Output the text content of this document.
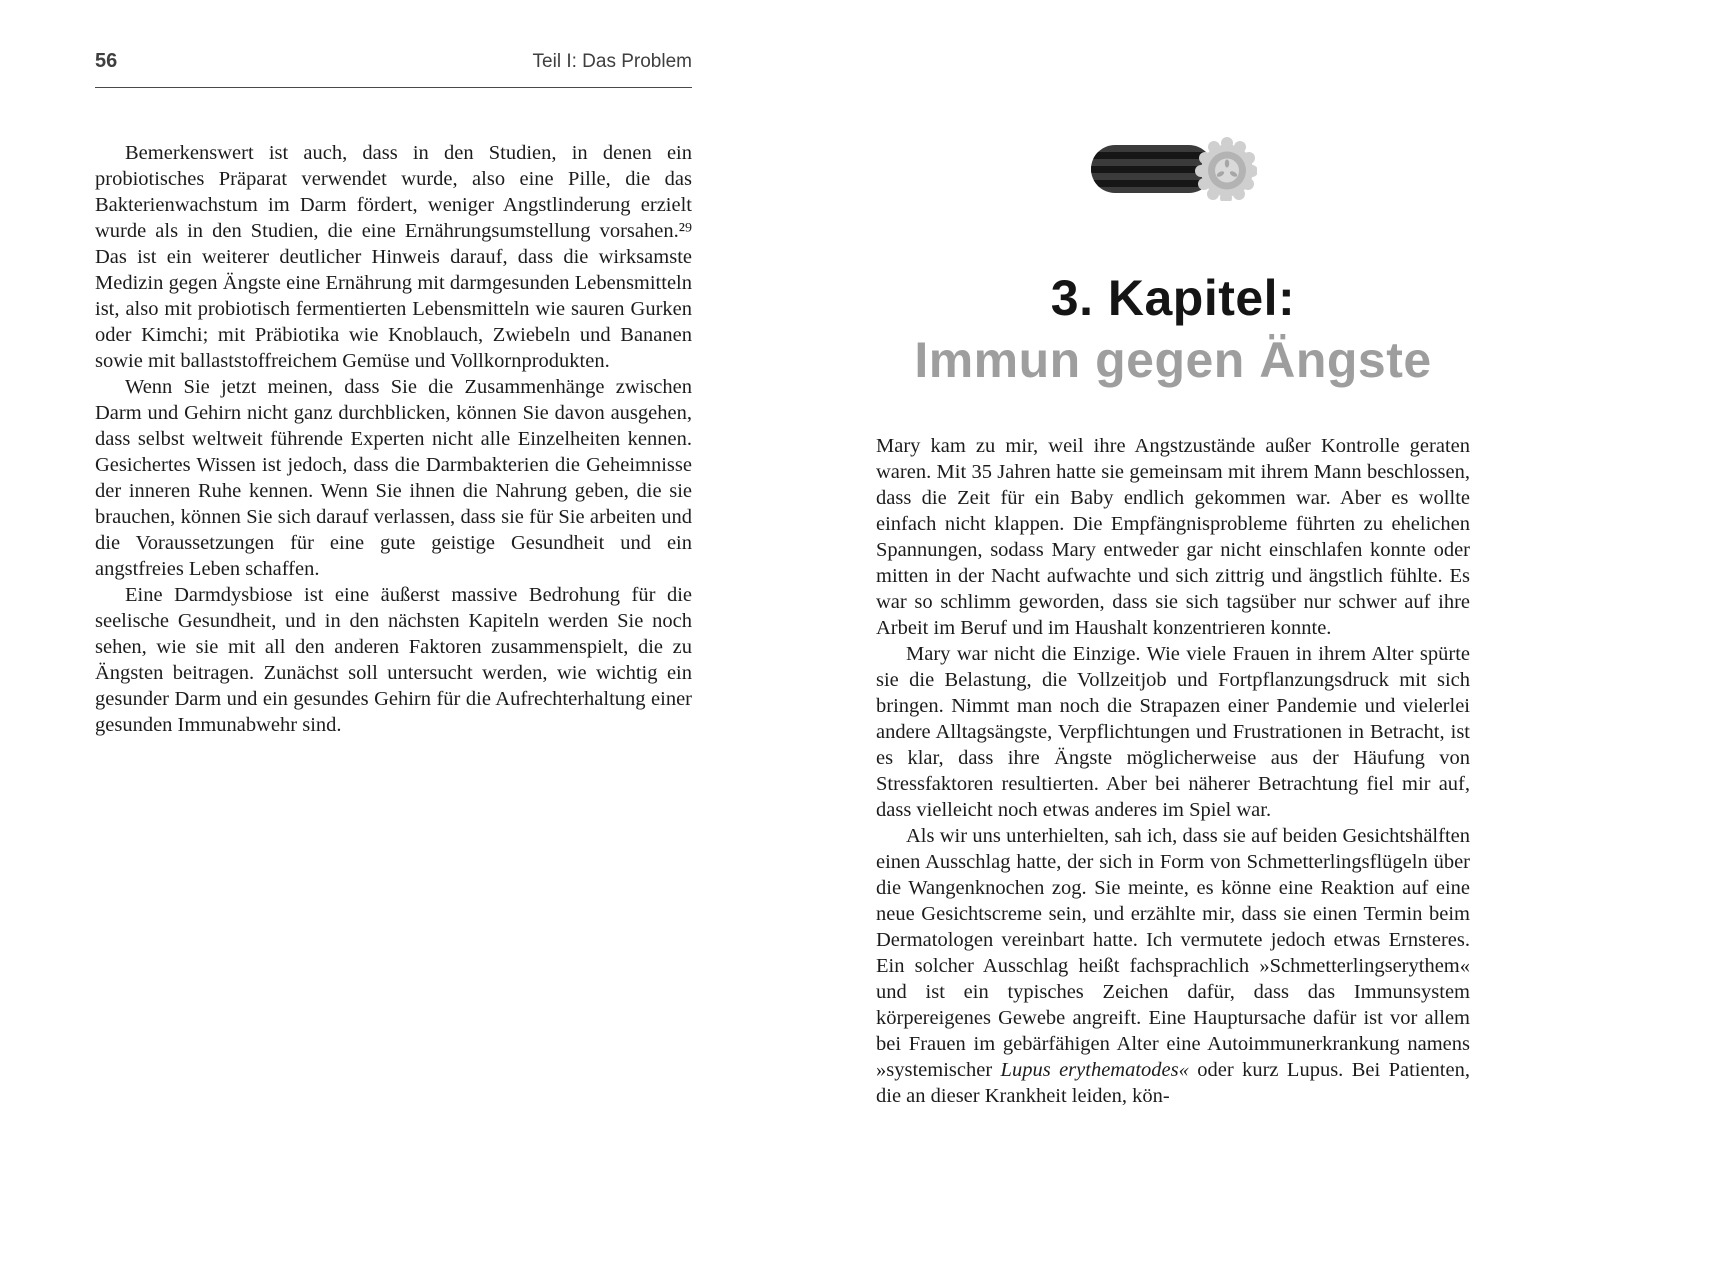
56	Teil I: Das Problem

Bemerkenswert ist auch, dass in den Studien, in denen ein probiotisches Präparat verwendet wurde, also eine Pille, die das Bakterienwachstum im Darm fördert, weniger Angstlinderung erzielt wurde als in den Studien, die eine Ernährungsumstellung vorsahen.²⁹ Das ist ein weiterer deutlicher Hinweis darauf, dass die wirksamste Medizin gegen Ängste eine Ernährung mit darmgesunden Lebensmitteln ist, also mit probiotisch fermentierten Lebensmitteln wie sauren Gurken oder Kimchi; mit Präbiotika wie Knoblauch, Zwiebeln und Bananen sowie mit ballaststoffreichem Gemüse und Vollkornprodukten.

Wenn Sie jetzt meinen, dass Sie die Zusammenhänge zwischen Darm und Gehirn nicht ganz durchblicken, können Sie davon ausgehen, dass selbst weltweit führende Experten nicht alle Einzelheiten kennen. Gesichertes Wissen ist jedoch, dass die Darmbakterien die Geheimnisse der inneren Ruhe kennen. Wenn Sie ihnen die Nahrung geben, die sie brauchen, können Sie sich darauf verlassen, dass sie für Sie arbeiten und die Voraussetzungen für eine gute geistige Gesundheit und ein angstfreies Leben schaffen.

Eine Darmdysbiose ist eine äußerst massive Bedrohung für die seelische Gesundheit, und in den nächsten Kapiteln werden Sie noch sehen, wie sie mit all den anderen Faktoren zusammenspielt, die zu Ängsten beitragen. Zunächst soll untersucht werden, wie wichtig ein gesunder Darm und ein gesundes Gehirn für die Aufrechterhaltung einer gesunden Immunabwehr sind.

3. Kapitel:
Immun gegen Ängste

Mary kam zu mir, weil ihre Angstzustände außer Kontrolle geraten waren. Mit 35 Jahren hatte sie gemeinsam mit ihrem Mann beschlossen, dass die Zeit für ein Baby endlich gekommen war. Aber es wollte einfach nicht klappen. Die Empfängnisprobleme führten zu ehelichen Spannungen, sodass Mary entweder gar nicht einschlafen konnte oder mitten in der Nacht aufwachte und sich zittrig und ängstlich fühlte. Es war so schlimm geworden, dass sie sich tagsüber nur schwer auf ihre Arbeit im Beruf und im Haushalt konzentrieren konnte.

Mary war nicht die Einzige. Wie viele Frauen in ihrem Alter spürte sie die Belastung, die Vollzeitjob und Fortpflanzungsdruck mit sich bringen. Nimmt man noch die Strapazen einer Pandemie und vielerlei andere Alltagsängste, Verpflichtungen und Frustrationen in Betracht, ist es klar, dass ihre Ängste möglicherweise aus der Häufung von Stressfaktoren resultierten. Aber bei näherer Betrachtung fiel mir auf, dass vielleicht noch etwas anderes im Spiel war.

Als wir uns unterhielten, sah ich, dass sie auf beiden Gesichtshälften einen Ausschlag hatte, der sich in Form von Schmetterlingsflügeln über die Wangenknochen zog. Sie meinte, es könne eine Reaktion auf eine neue Gesichtscreme sein, und erzählte mir, dass sie einen Termin beim Dermatologen vereinbart hatte. Ich vermutete jedoch etwas Ernsteres. Ein solcher Ausschlag heißt fachsprachlich »Schmetterlingserythem« und ist ein typisches Zeichen dafür, dass das Immunsystem körpereigenes Gewebe angreift. Eine Hauptursache dafür ist vor allem bei Frauen im gebärfähigen Alter eine Autoimmunerkrankung namens »systemischer Lupus erythematodes« oder kurz Lupus. Bei Patienten, die an dieser Krankheit leiden, kön-
